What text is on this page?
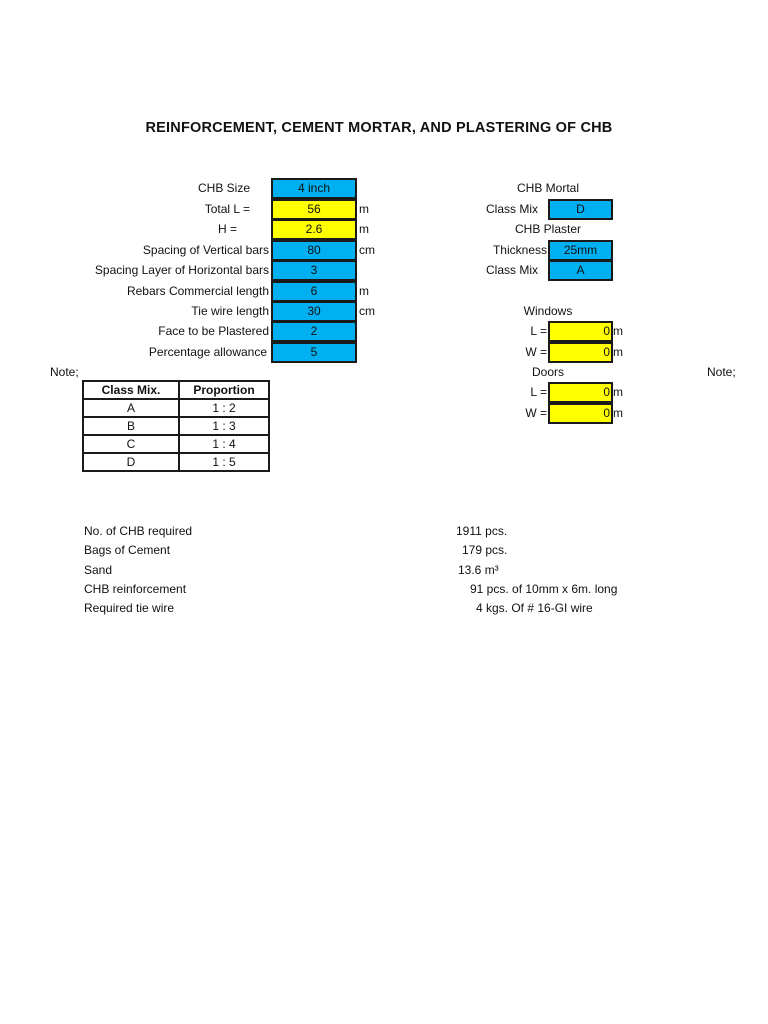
REINFORCEMENT, CEMENT MORTAR, AND PLASTERING OF CHB
CHB Size	4 inch
Total L =	56	m
H =	2.6	m
Spacing of Vertical bars	80	cm
Spacing Layer of Horizontal bars	3
Rebars Commercial length	6	m
Tie wire length	30	cm
Face to be Plastered	2
Percentage allowance	5
Note;	Note;
CHB Mortal
Class Mix	D
CHB Plaster
Thickness	25mm
Class Mix	A
Windows
L =	0 m
W =	0 m
Doors
L =	0 m
W =	0 m
Class Mix.	Proportion
A	1 : 2
B	1 : 3
C	1 : 4
D	1 : 5
No. of CHB required	1911 pcs.
Bags of Cement	179 pcs.
Sand	13.6 m³
CHB reinforcement	91 pcs. of 10mm x 6m. long
Required tie wire	4 kgs. Of # 16-GI wire
